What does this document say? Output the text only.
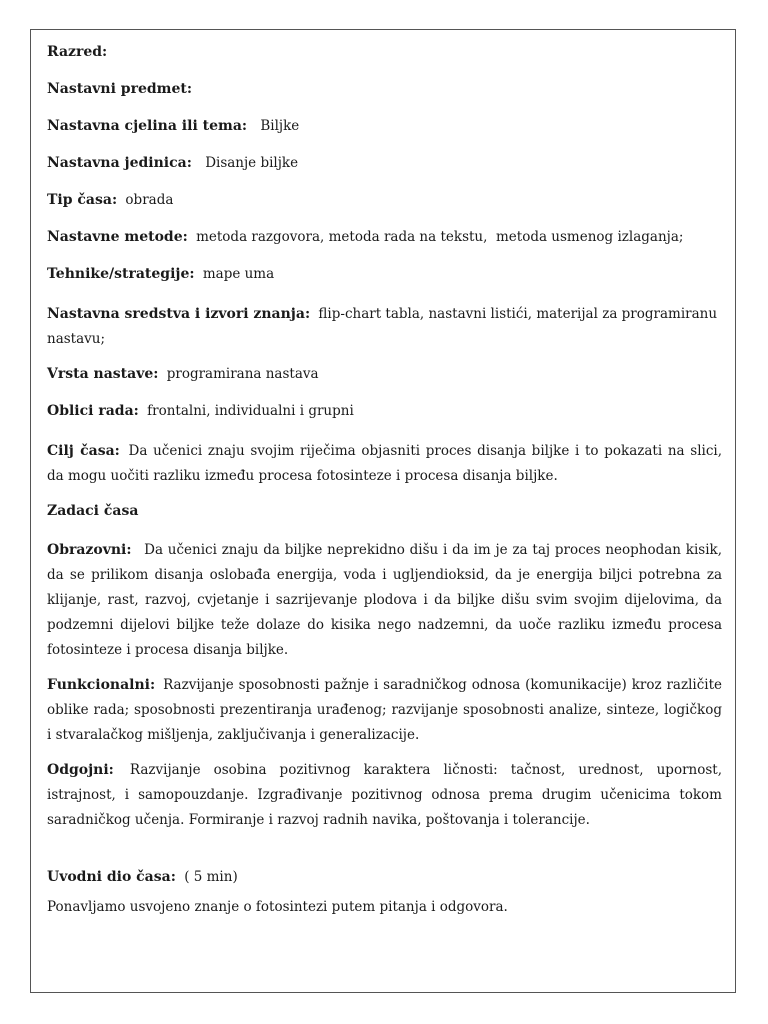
Razred:
Nastavni predmet:
Nastavna cjelina ili tema: Biljke
Nastavna jedinica: Disanje biljke
Tip časa: obrada
Nastavne metode: metoda razgovora, metoda rada na tekstu,  metoda usmenog izlaganja;
Tehnike/strategije: mape uma
Nastavna sredstva i izvori znanja: flip-chart tabla, nastavni listići, materijal za programiranu nastavu;
Vrsta nastave: programirana nastava
Oblici rada: frontalni, individualni i grupni
Cilj časa: Da učenici znaju svojim riječima objasniti proces disanja biljke i to pokazati na slici, da mogu uočiti razliku između procesa fotosinteze i procesa disanja biljke.
Zadaci časa
Obrazovni:  Da učenici znaju da biljke neprekidno dišu i da im je za taj proces neophodan kisik, da se prilikom disanja oslobađa energija, voda i ugljendioksid, da je energija biljci potrebna za klijanje, rast, razvoj, cvjetanje i sazrijevanje plodova i da biljke dišu svim svojim dijelovima, da podzemni dijelovi biljke teže dolaze do kisika nego nadzemni, da uoče razliku između procesa fotosinteze i procesa disanja biljke.
Funkcionalni: Razvijanje sposobnosti pažnje i saradničkog odnosa (komunikacije) kroz različite oblike rada; sposobnosti prezentiranja urađenog; razvijanje sposobnosti analize, sinteze, logičkog i stvaralačkog mišljenja, zaključivanja i generalizacije.
Odgojni: Razvijanje osobina pozitivnog karaktera ličnosti: tačnost, urednost, upornost, istrajnost, i samopouzdanje. Izgrađivanje pozitivnog odnosa prema drugim učenicima tokom saradničkog učenja. Formiranje i razvoj radnih navika, poštovanja i tolerancije.
Uvodni dio časa: ( 5 min)
Ponavljamo usvojeno znanje o fotosintezi putem pitanja i odgovora.
